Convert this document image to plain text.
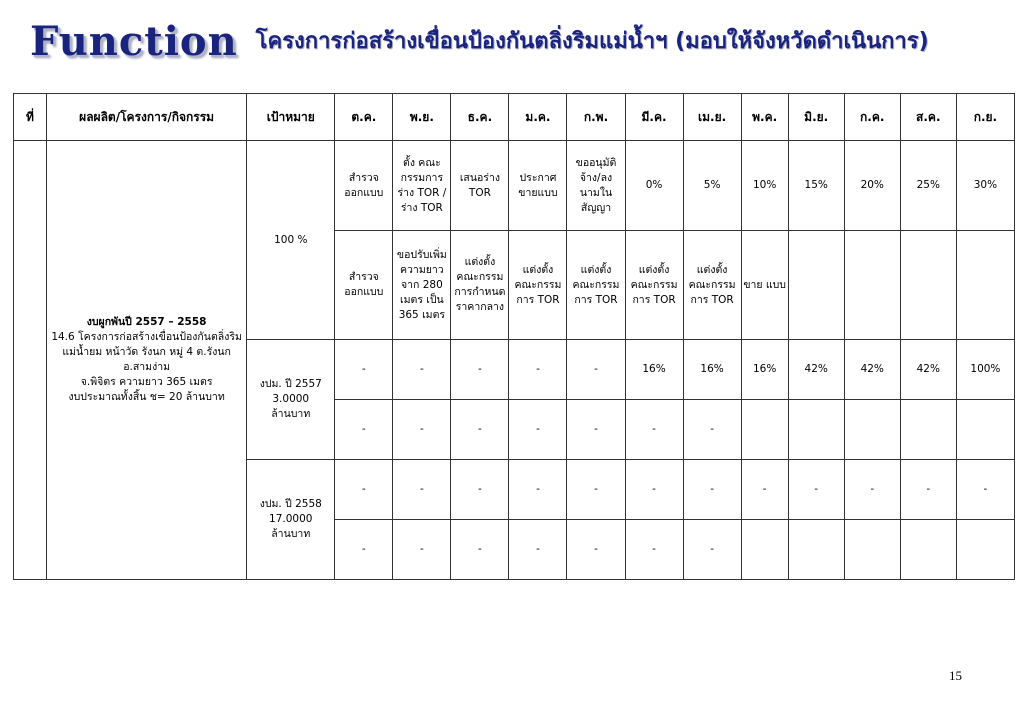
Function โครงการก่อสร้างเขื่อนป้องกันตลิ่งริมแม่น้ำฯ (มอบให้จังหวัดดำเนินการ)
ที่	ผลผลิต/โครงการ/กิจกรรม	เป้าหมาย	ต.ค.	พ.ย.	ธ.ค.	ม.ค.	ก.พ.	มี.ค.	เม.ย.	พ.ค.	มิ.ย.	ก.ค.	ส.ค.	ก.ย.

	งบผูกพันปี 2557 – 2558
14.6 โครงการก่อสร้างเขื่อนป้องกันตลิ่งริมแม่น้ำยม หน้าวัด รังนก หมู่ 4 ต.รังนก อ.สามง่าม
จ.พิจิตร ความยาว 365 เมตร
งบประมาณทั้งสิ้น ช= 20 ล้านบาท	100 %	สำรวจ ออกแบบ	ตั้ง คณะกรรมการร่าง TOR / ร่าง TOR	เสนอร่าง TOR	ประกาศ ขายแบบ	ขออนุมัติ จ้าง/ลง นามใน สัญญา	0%	5%	10%	15%	20%	25%	30%
			สำรวจ ออกแบบ	ขอปรับเพิ่ม ความยาว จาก 280 เมตร เป็น 365 เมตร	แต่งตั้ง คณะกรรม การกำหนด ราคากลาง	แต่งตั้ง คณะกรรม การ TOR	แต่งตั้ง คณะกรรม การ TOR	แต่งตั้ง คณะกรรม การ TOR	แต่งตั้ง คณะกรรม การ TOR	ขาย แบบ				
		งปม. ปี 2557
3.0000
ล้านบาท	-	-	-	-	-	16%	16%	16%	42%	42%	42%	100%
			-	-	-	-	-	-	-					
		งปม. ปี 2558
17.0000
ล้านบาท	-	-	-	-	-	-	-	-	-	-	-	-
			-	-	-	-	-	-	-					
15
